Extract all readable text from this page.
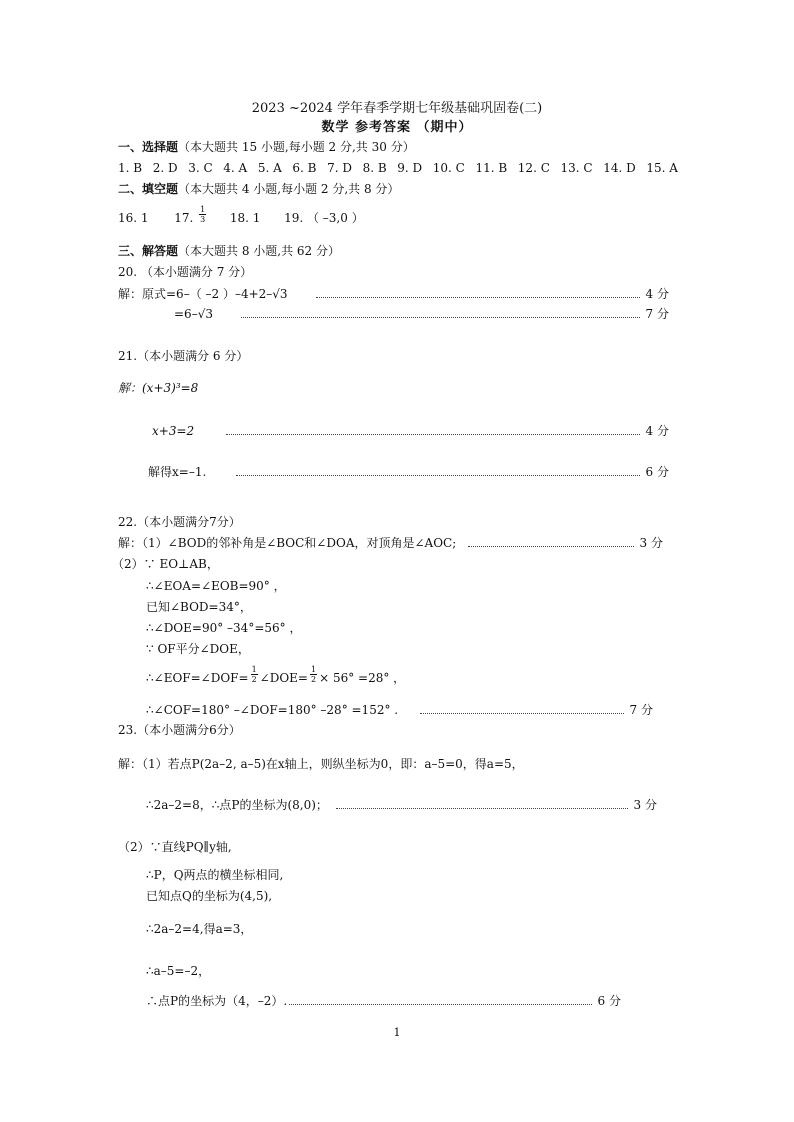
2023 ~2024 学年春季学期七年级基础巩固卷(二)
数学 参考答案 （期中）
一、选择题（本大题共 15 小题,每小题 2 分,共 30 分）
1. B 2. D 3. C 4. A 5. A 6. B 7. D 8. B 9. D 10. C 11. B 12. C 13. C 14. D 15. A
二、填空题（本大题共 4 小题,每小题 2 分,共 8 分）
16. 1 17. $\frac{1}{3} 18$. 1 19. （ –3,0 ）
三、解答题（本大题共 8 小题,共 62 分）
20. （本小题满分 7 分）
解：原式=6–（ –2 ）–4+2–√3	4 分
=6–√3	7 分
21.（本小题满分 6 分）
解：(x+3)³=8
x+3=2	4 分
解得x=–1.	6 分
22.（本小题满分7分）
解：（1）∠BOD的邻补角是∠BOC和∠DOA，对顶角是∠AOC;	3 分
（2）∵ EO⊥AB，
∴∠EOA=∠EOB=90° ，
已知∠BOD=34°，
∴∠DOE=90° –34°=56° ，
∵ OF平分∠DOE，
∴∠EOF=∠DOF= $\frac{1}{2}$ ∠DOE= $\frac{1}{2} \times 56^\circ =28^\circ$ ，
∴∠COF=180° –∠DOF=180° –28° =152° .	7 分
23.（本小题满分6分）
解：（1）若点P(2a–2, a–5)在x轴上，则纵坐标为0，即：a–5=0，得a=5，
∴2a–2=8，∴点P的坐标为(8,0)；	3 分
（2）∵直线PQ∥y轴,
∴P，Q两点的横坐标相同,
已知点Q的坐标为(4,5),
∴2a–2=4,得a=3，
∴a–5=–2，
∴点P的坐标为（4，–2）.	6 分
1
